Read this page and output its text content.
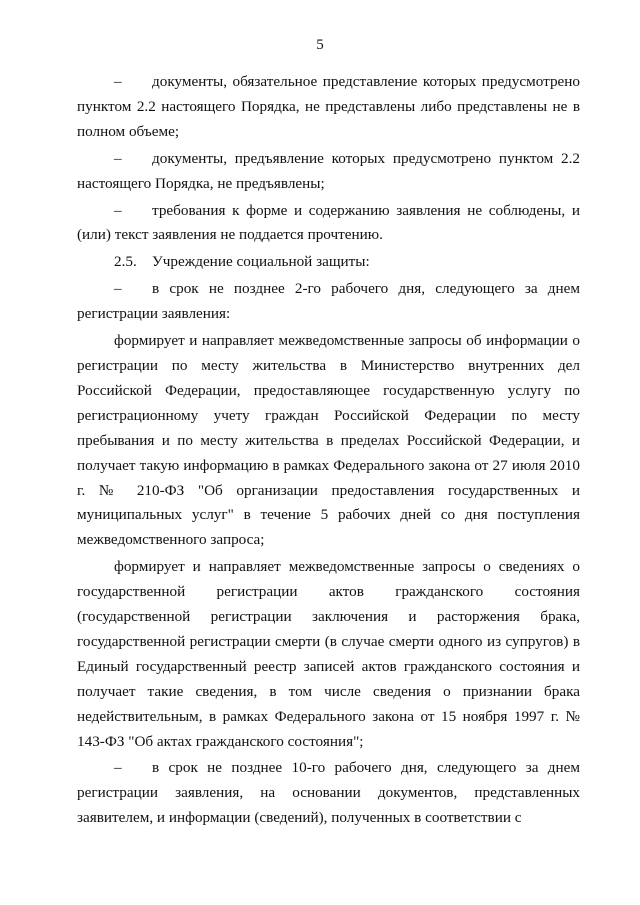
5

– документы, обязательное представление которых предусмотрено пунктом 2.2 настоящего Порядка, не представлены либо представлены не в полном объеме;

– документы, предъявление которых предусмотрено пунктом 2.2 настоящего Порядка, не предъявлены;

– требования к форме и содержанию заявления не соблюдены, и (или) текст заявления не поддается прочтению.

2.5. Учреждение социальной защиты:

– в срок не позднее 2-го рабочего дня, следующего за днем регистрации заявления:

формирует и направляет межведомственные запросы об информации о регистрации по месту жительства в Министерство внутренних дел Российской Федерации, предоставляющее государственную услугу по регистрационному учету граждан Российской Федерации по месту пребывания и по месту жительства в пределах Российской Федерации, и получает такую информацию в рамках Федерального закона от 27 июля 2010 г. № 210-ФЗ "Об организации предоставления государственных и муниципальных услуг" в течение 5 рабочих дней со дня поступления межведомственного запроса;

формирует и направляет межведомственные запросы о сведениях о государственной регистрации актов гражданского состояния (государственной регистрации заключения и расторжения брака, государственной регистрации смерти (в случае смерти одного из супругов) в Единый государственный реестр записей актов гражданского состояния и получает такие сведения, в том числе сведения о признании брака недействительным, в рамках Федерального закона от 15 ноября 1997 г. № 143-ФЗ "Об актах гражданского состояния";

– в срок не позднее 10-го рабочего дня, следующего за днем регистрации заявления, на основании документов, представленных заявителем, и информации (сведений), полученных в соответствии с
